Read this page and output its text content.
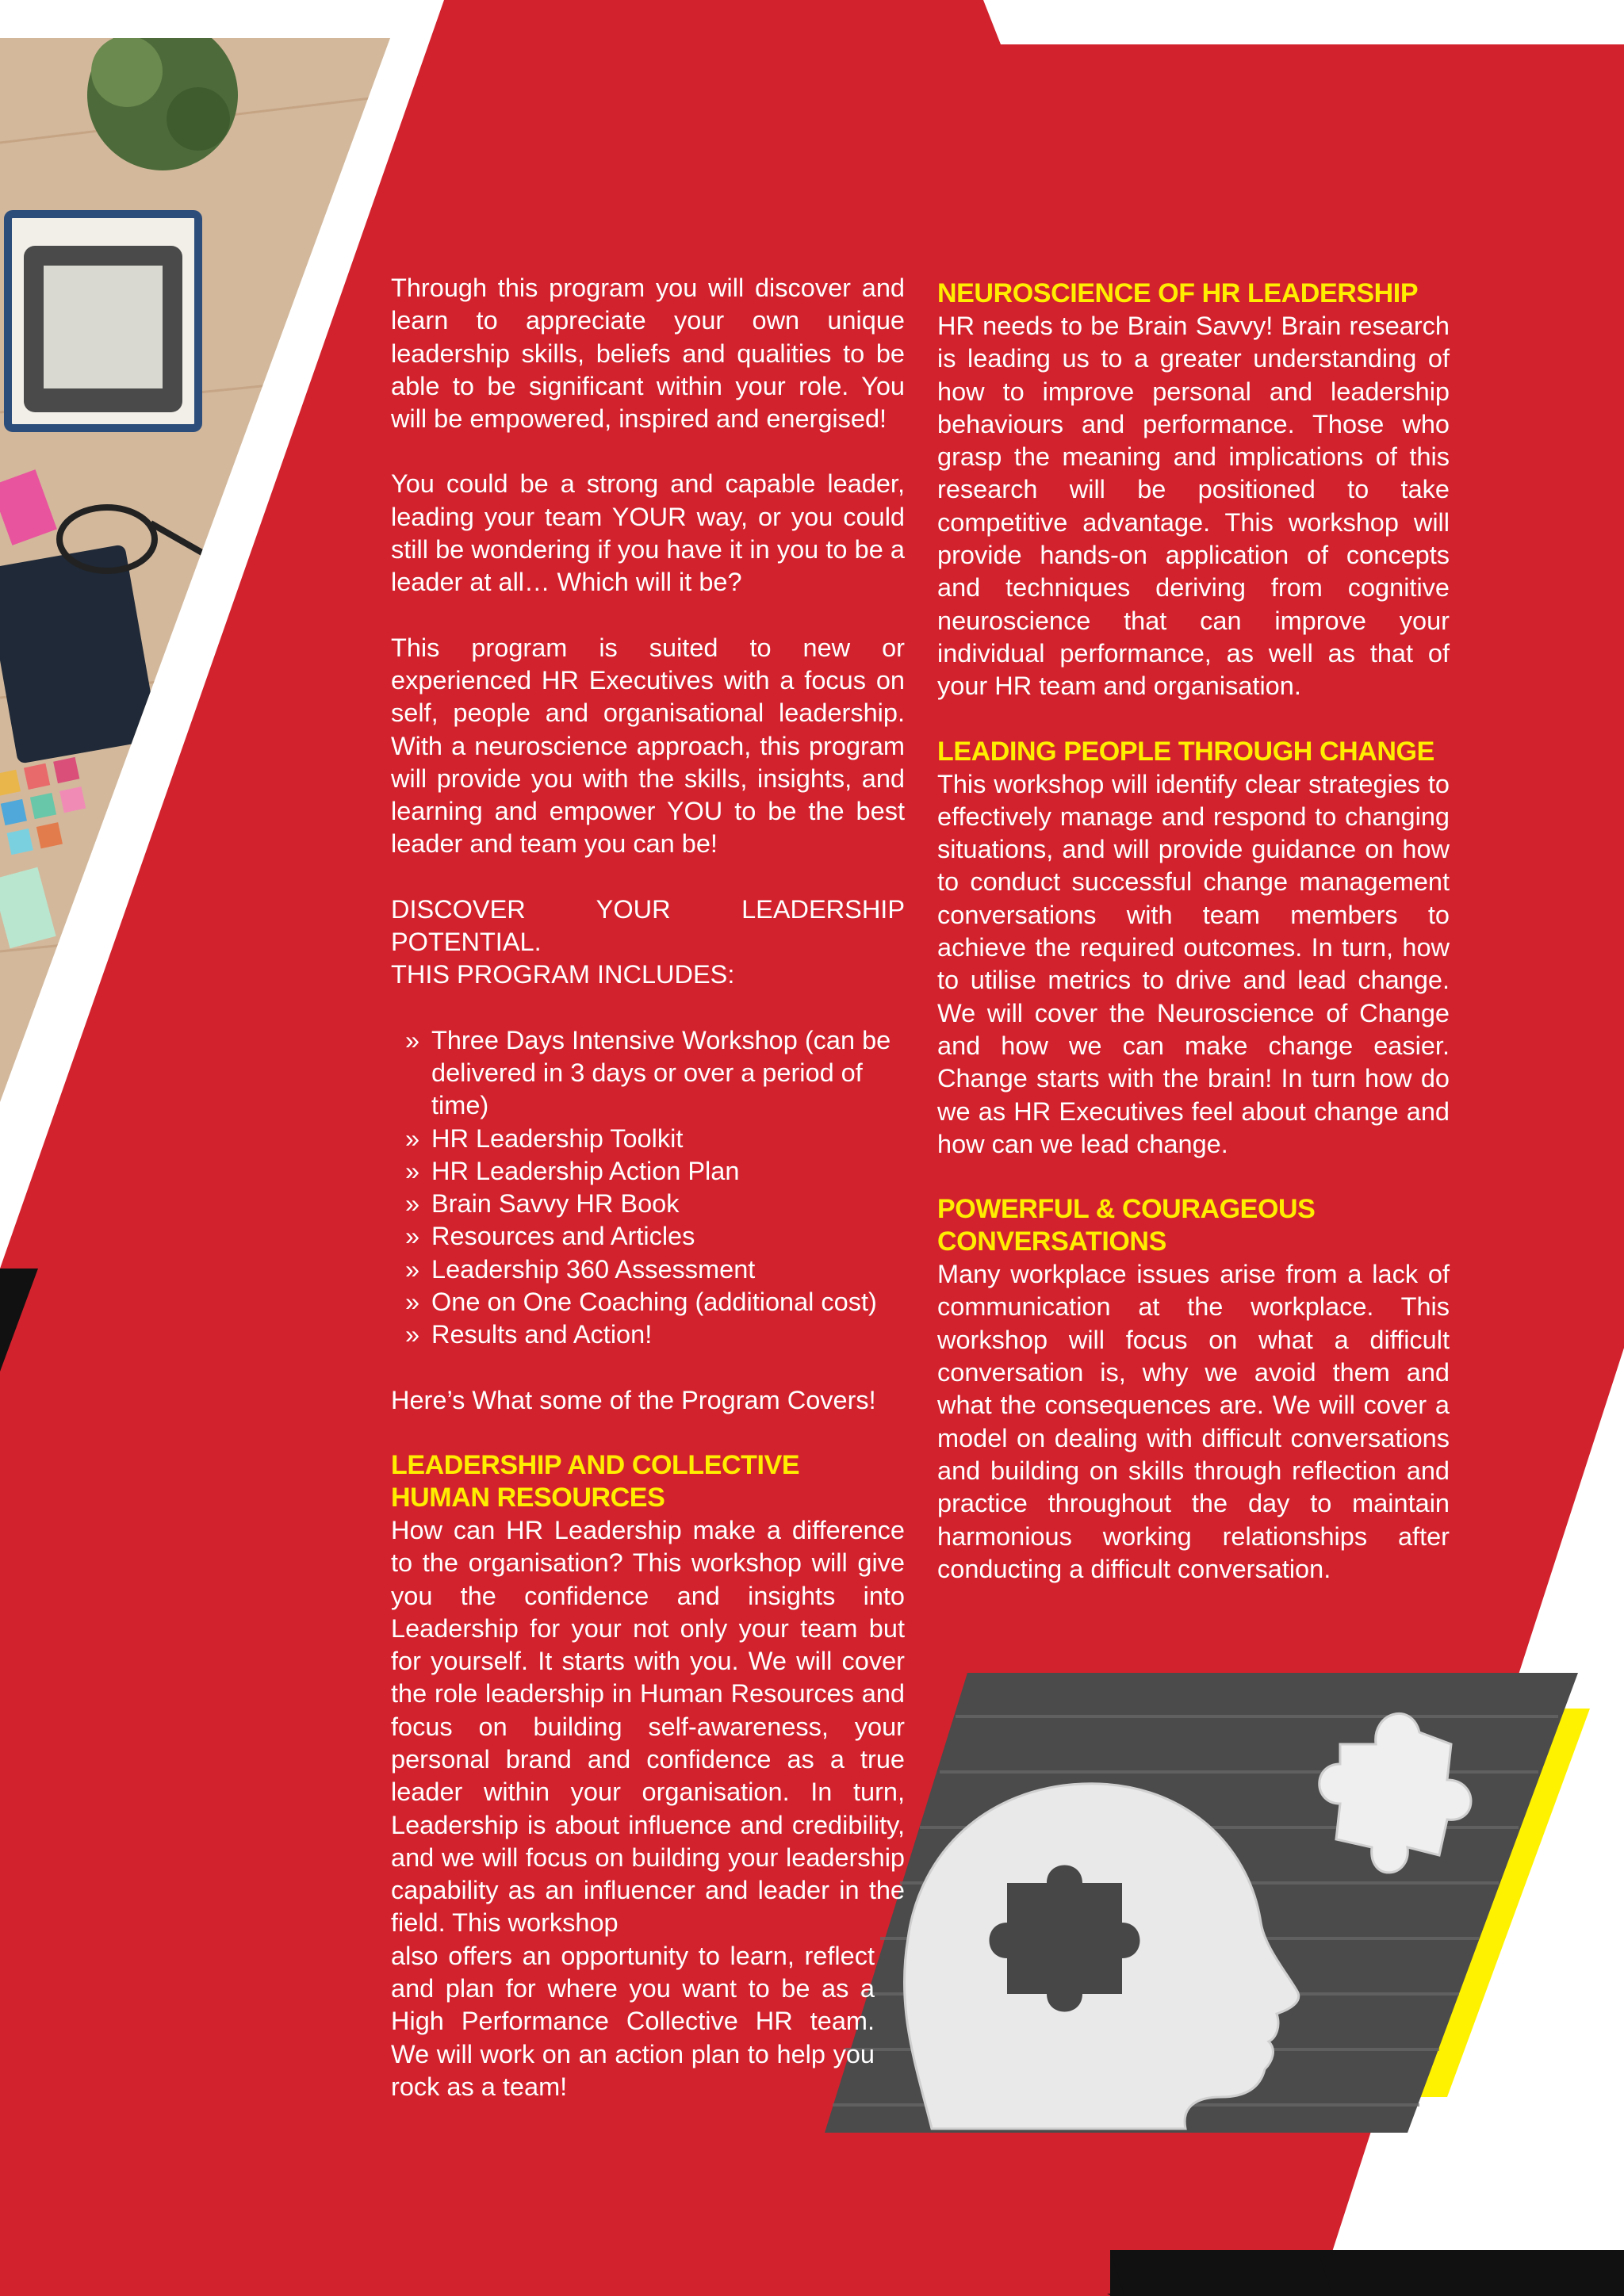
Through this program you will discover and learn to appreciate your own unique leadership skills, beliefs and qualities to be able to be significant within your role. You will be empowered, inspired and energised!

You could be a strong and capable leader, leading your team YOUR way, or you could still be wondering if you have it in you to be a leader at all… Which will it be?

This program is suited to new or experienced HR Executives with a focus on self, people and organisational leadership. With a neuroscience approach, this program will provide you with the skills, insights, and learning and empower YOU to be the best leader and team you can be!

DISCOVER YOUR LEADERSHIP POTENTIAL.

THIS PROGRAM INCLUDES:

» Three Days Intensive Workshop (can be delivered in 3 days or over a period of time)
» HR Leadership Toolkit
» HR Leadership Action Plan
» Brain Savvy HR Book
» Resources and Articles
» Leadership 360 Assessment
» One on One Coaching (additional cost)
» Results and Action!

Here’s What some of the Program Covers!

LEADERSHIP AND COLLECTIVE
HUMAN RESOURCES

How can HR Leadership make a difference to the organisation? This workshop will give you the confidence and insights into Leadership for your not only your team but for yourself. It starts with you. We will cover the role leadership in Human Resources and focus on building self-awareness, your personal brand and confidence as a true leader within your organisation. In turn, Leadership is about influence and credibility, and we will focus on building your leadership capability as an influencer and leader in the field. This workshop

also offers an opportunity to learn, reflect and plan for where you want to be as a High Performance Collective HR team. We will work on an action plan to help you rock as a team!

NEUROSCIENCE OF HR LEADERSHIP

HR needs to be Brain Savvy! Brain research is leading us to a greater understanding of how to improve personal and leadership behaviours and performance. Those who grasp the meaning and implications of this research will be positioned to take competitive advantage. This workshop will provide hands-on application of concepts and techniques deriving from cognitive neuroscience that can improve your individual performance, as well as that of your HR team and organisation.

LEADING PEOPLE THROUGH CHANGE

This workshop will identify clear strategies to effectively manage and respond to changing situations, and will provide guidance on how to conduct successful change management conversations with team members to achieve the required outcomes. In turn, how to utilise metrics to drive and lead change. We will cover the Neuroscience of Change and how we can make change easier. Change starts with the brain! In turn how do we as HR Executives feel about change and how can we lead change.

POWERFUL & COURAGEOUS
CONVERSATIONS

Many workplace issues arise from a lack of communication at the workplace. This workshop will focus on what a difficult conversation is, why we avoid them and what the consequences are. We will cover a model on dealing with difficult conversations and building on skills through reflection and practice throughout the day to maintain harmonious working relationships after conducting a difficult conversation.
